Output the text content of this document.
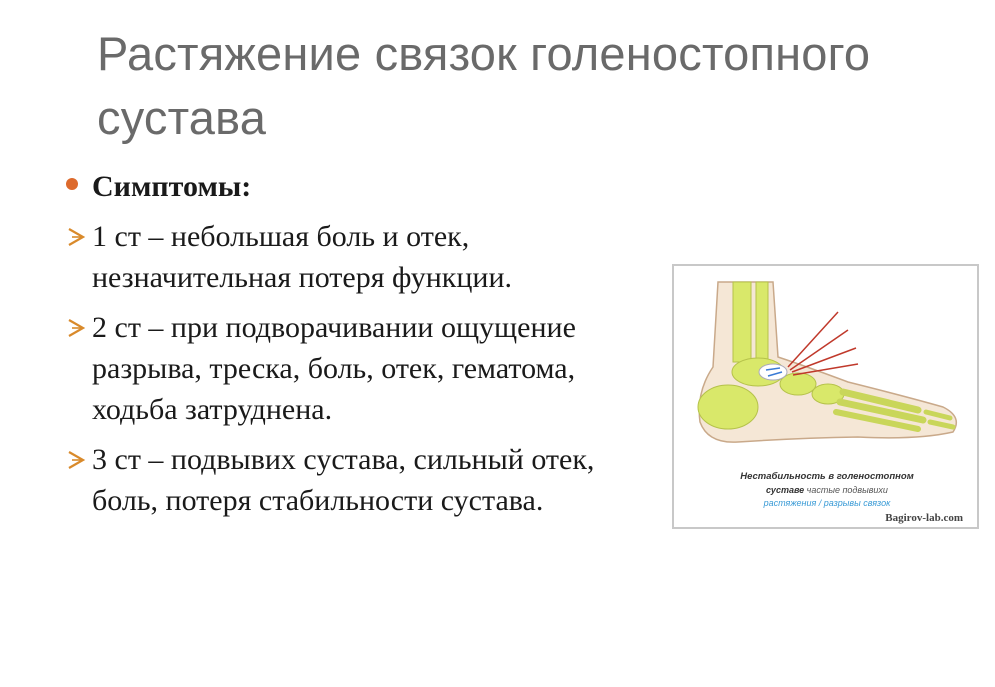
Растяжение связок голеностопного сустава
Симптомы:
1 ст – небольшая боль и отек, незначительная потеря функции.
2 ст – при подворачивании ощущение разрыва, треска, боль, отек, гематома, ходьба затруднена.
3 ст – подвывих сустава, сильный отек, боль, потеря стабильности сустава.
Нестабильность в голеностопном
суставе частые подвывихи
растяжения / разрывы связок
Bagirov-lab.com
